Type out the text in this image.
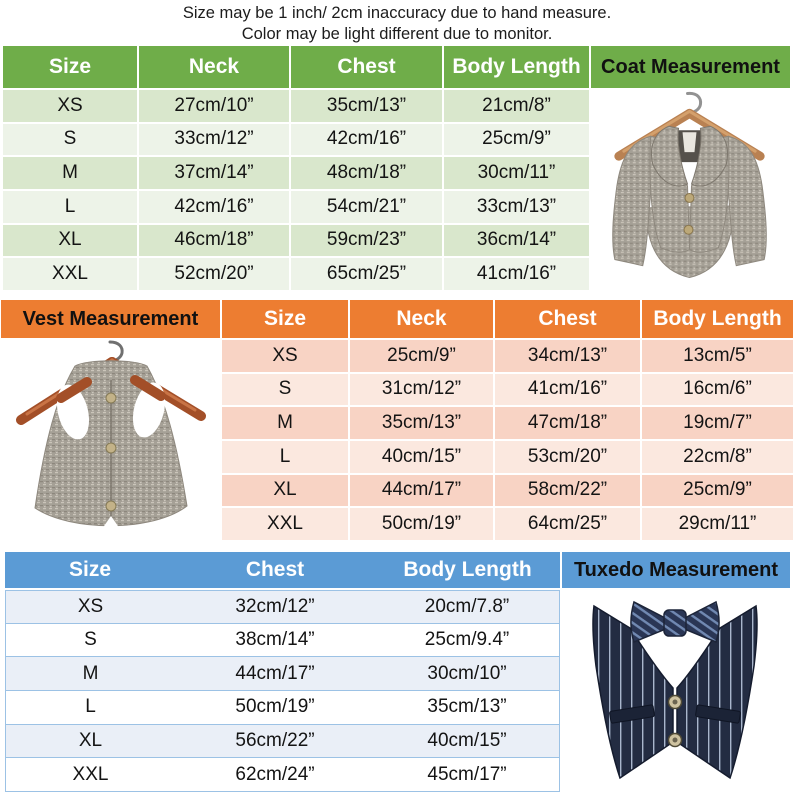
Size may be 1 inch/ 2cm inaccuracy due to hand measure.
Color may be light different due to monitor.
Size	Neck	Chest	Body Length	Coat Measurement
XS	27cm/10”	35cm/13”	21cm/8”
S	33cm/12”	42cm/16”	25cm/9”
M	37cm/14”	48cm/18”	30cm/11”
L	42cm/16”	54cm/21”	33cm/13”
XL	46cm/18”	59cm/23”	36cm/14”
XXL	52cm/20”	65cm/25”	41cm/16”
Vest Measurement	Size	Neck	Chest	Body Length
XS	25cm/9”	34cm/13”	13cm/5”
S	31cm/12”	41cm/16”	16cm/6”
M	35cm/13”	47cm/18”	19cm/7”
L	40cm/15”	53cm/20”	22cm/8”
XL	44cm/17”	58cm/22”	25cm/9”
XXL	50cm/19”	64cm/25”	29cm/11”
Size	Chest	Body Length	Tuxedo Measurement
XS	32cm/12”	20cm/7.8”
S	38cm/14”	25cm/9.4”
M	44cm/17”	30cm/10”
L	50cm/19”	35cm/13”
XL	56cm/22”	40cm/15”
XXL	62cm/24”	45cm/17”
